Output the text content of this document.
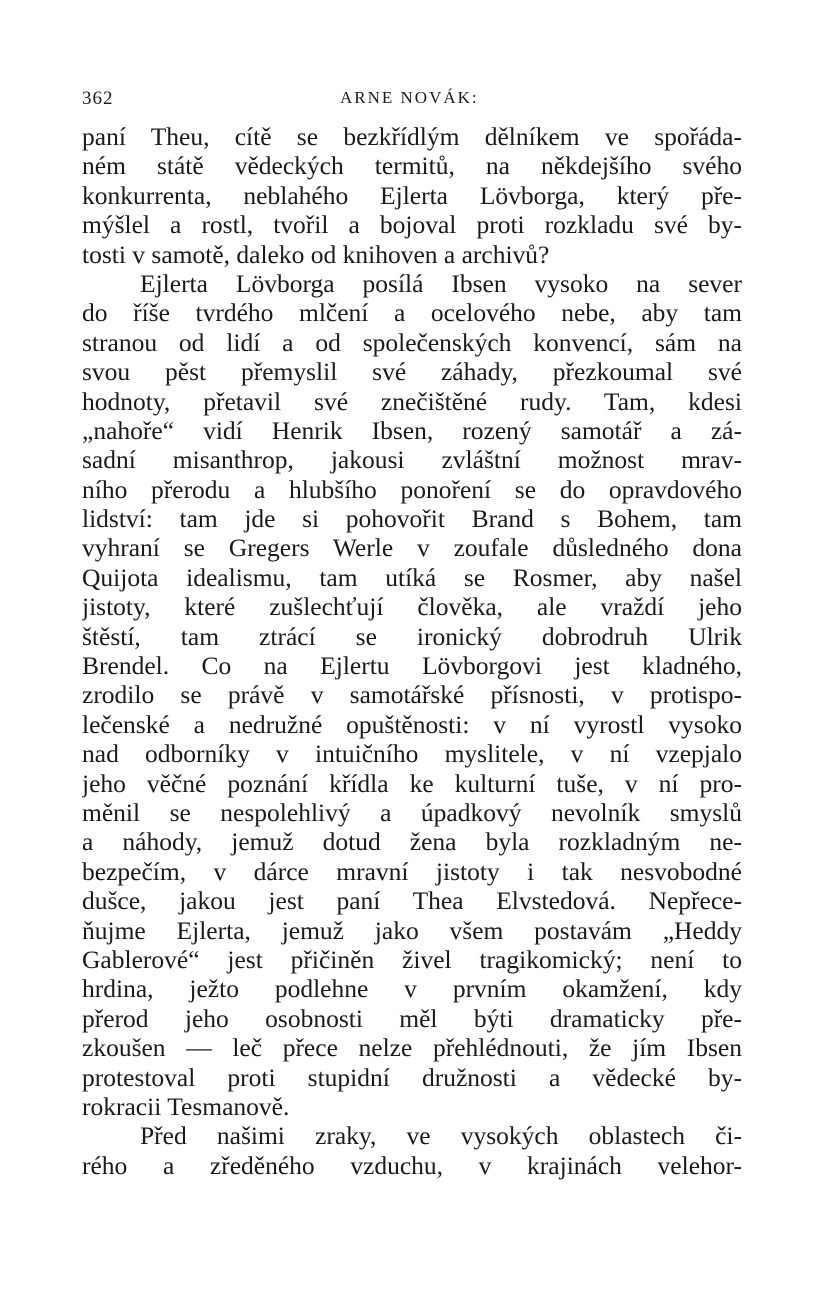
362	ARNE NOVÁK:
paní Theu, cítě se bezkřídlým dělníkem ve spořáda-
ném státě vědeckých termitů, na někdejšího svého
konkurrenta, neblahého Ejlerta Lövborga, který pře-
mýšlel a rostl, tvořil a bojoval proti rozkladu své by-
tosti v samotě, daleko od knihoven a archivů?
Ejlerta Lövborga posílá Ibsen vysoko na sever
do říše tvrdého mlčení a ocelového nebe, aby tam
stranou od lidí a od společenských konvencí, sám na
svou pěst přemyslil své záhady, přezkoumal své
hodnoty, přetavil své znečištěné rudy. Tam, kdesi
„nahoře“ vidí Henrik Ibsen, rozený samotář a zá-
sadní misanthrop, jakousi zvláštní možnost mrav-
ního přerodu a hlubšího ponoření se do opravdového
lidství: tam jde si pohovořit Brand s Bohem, tam
vyhraní se Gregers Werle v zoufale důsledného dona
Quijota idealismu, tam utíká se Rosmer, aby našel
jistoty, které zušlechťují člověka, ale vraždí jeho
štěstí, tam ztrácí se ironický dobrodruh Ulrik
Brendel. Co na Ejlertu Lövborgovi jest kladného,
zrodilo se právě v samotářské přísnosti, v protispo-
lečenské a nedružné opuštěnosti: v ní vyrostl vysoko
nad odborníky v intuičního myslitele, v ní vzepjalo
jeho věčné poznání křídla ke kulturní tuše, v ní pro-
měnil se nespolehlivý a úpadkový nevolník smyslů
a náhody, jemuž dotud žena byla rozkladným ne-
bezpečím, v dárce mravní jistoty i tak nesvobodné
dušce, jakou jest paní Thea Elvstedová. Nepřece-
ňujme Ejlerta, jemuž jako všem postavám „Heddy
Gablerové“ jest přičiněn živel tragikomický; není to
hrdina, ježto podlehne v prvním okamžení, kdy
přerod jeho osobnosti měl býti dramaticky pře-
zkoušen — leč přece nelze přehlédnouti, že jím Ibsen
protestoval proti stupidní družnosti a vědecké by-
rokracii Tesmanově.
Před našimi zraky, ve vysokých oblastech či-
rého a zředěného vzduchu, v krajinách velehor-
